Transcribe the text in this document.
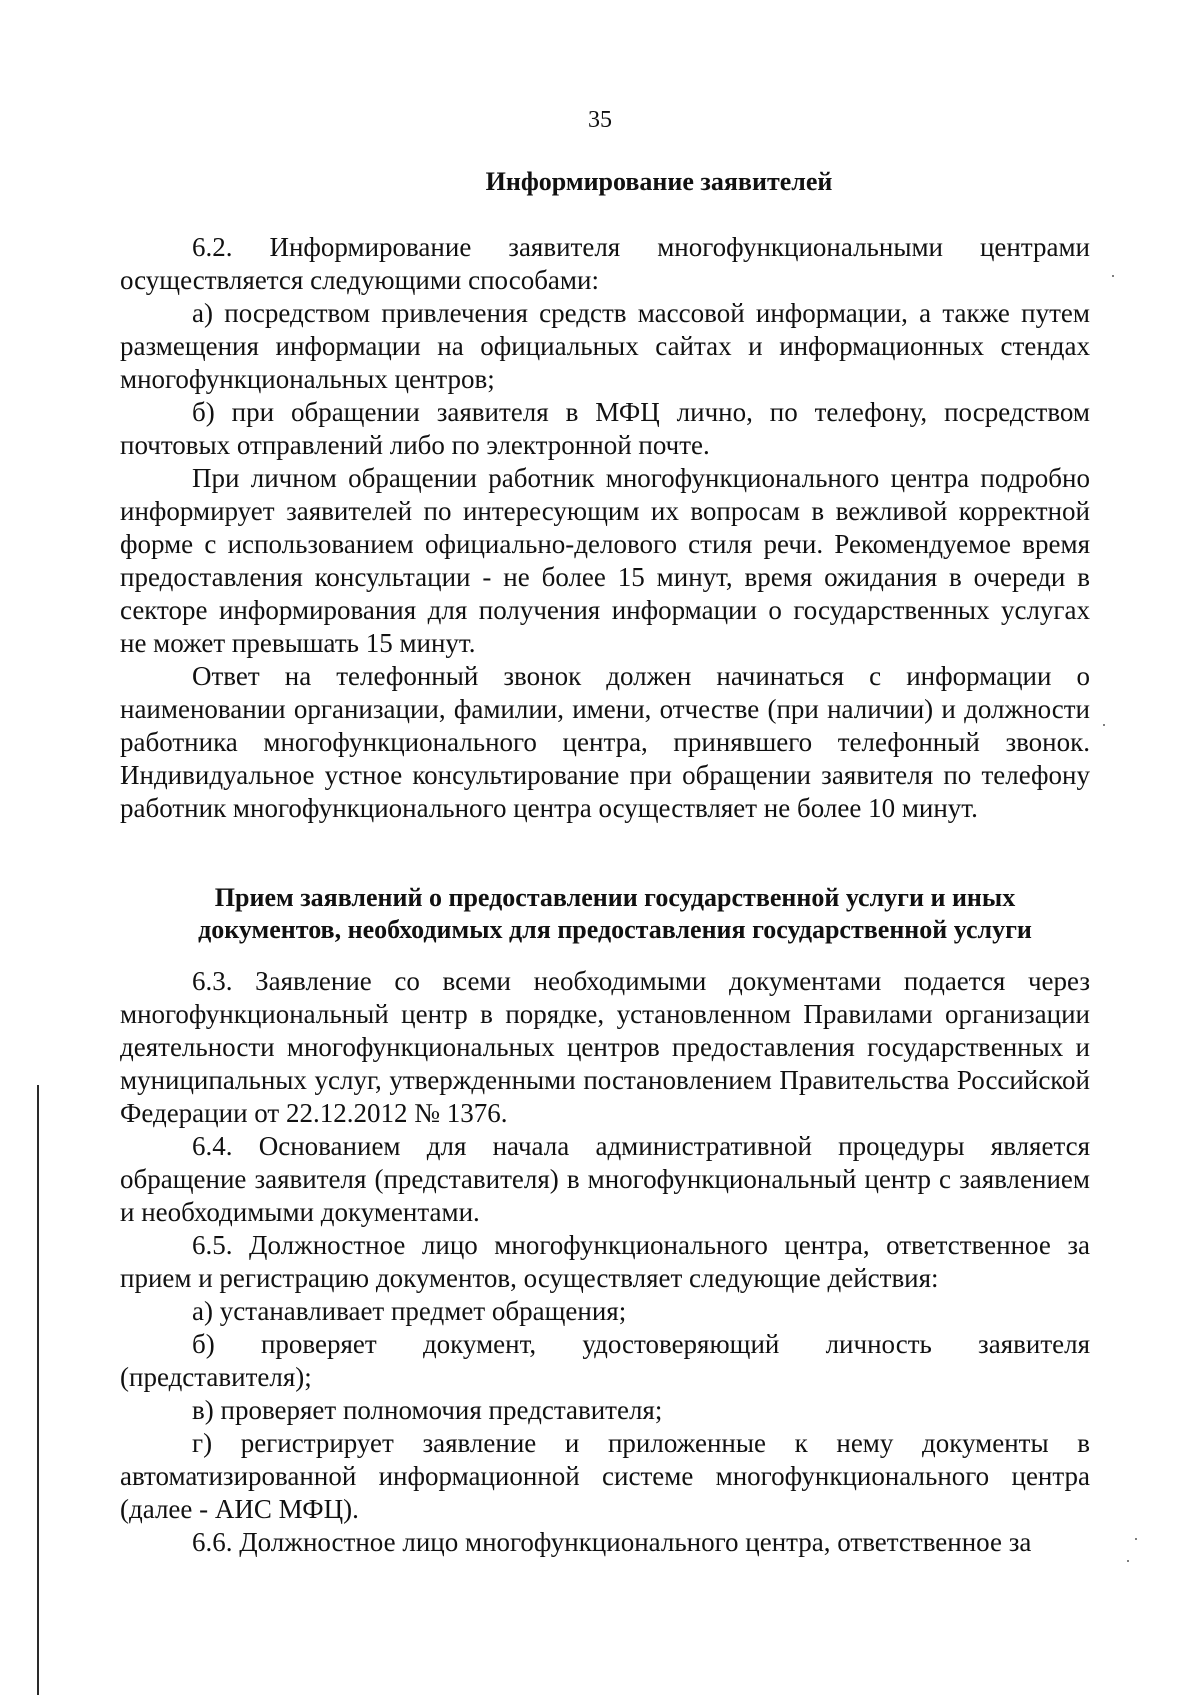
35
Информирование заявителей

6.2. Информирование заявителя многофункциональными центрами осуществляется следующими способами:

а) посредством привлечения средств массовой информации, а также путем размещения информации на официальных сайтах и информационных стендах многофункциональных центров;

б) при обращении заявителя в МФЦ лично, по телефону, посредством почтовых отправлений либо по электронной почте.

При личном обращении работник многофункционального центра подробно информирует заявителей по интересующим их вопросам в вежливой корректной форме с использованием официально-делового стиля речи. Рекомендуемое время предоставления консультации - не более 15 минут, время ожидания в очереди в секторе информирования для получения информации о государственных услугах не может превышать 15 минут.

Ответ на телефонный звонок должен начинаться с информации о наименовании организации, фамилии, имени, отчестве (при наличии) и должности работника многофункционального центра, принявшего телефонный звонок. Индивидуальное устное консультирование при обращении заявителя по телефону работник многофункционального центра осуществляет не более 10 минут.

Прием заявлений о предоставлении государственной услуги и иных
документов, необходимых для предоставления государственной услуги

6.3. Заявление со всеми необходимыми документами подается через многофункциональный центр в порядке, установленном Правилами организации деятельности многофункциональных центров предоставления государственных и муниципальных услуг, утвержденными постановлением Правительства Российской Федерации от 22.12.2012 № 1376.

6.4. Основанием для начала административной процедуры является обращение заявителя (представителя) в многофункциональный центр с заявлением и необходимыми документами.

6.5. Должностное лицо многофункционального центра, ответственное за прием и регистрацию документов, осуществляет следующие действия:

а) устанавливает предмет обращения;

б) проверяет документ, удостоверяющий личность заявителя (представителя);

в) проверяет полномочия представителя;

г) регистрирует заявление и приложенные к нему документы в автоматизированной информационной системе многофункционального центра (далее - АИС МФЦ).

6.6. Должностное лицо многофункционального центра, ответственное за
